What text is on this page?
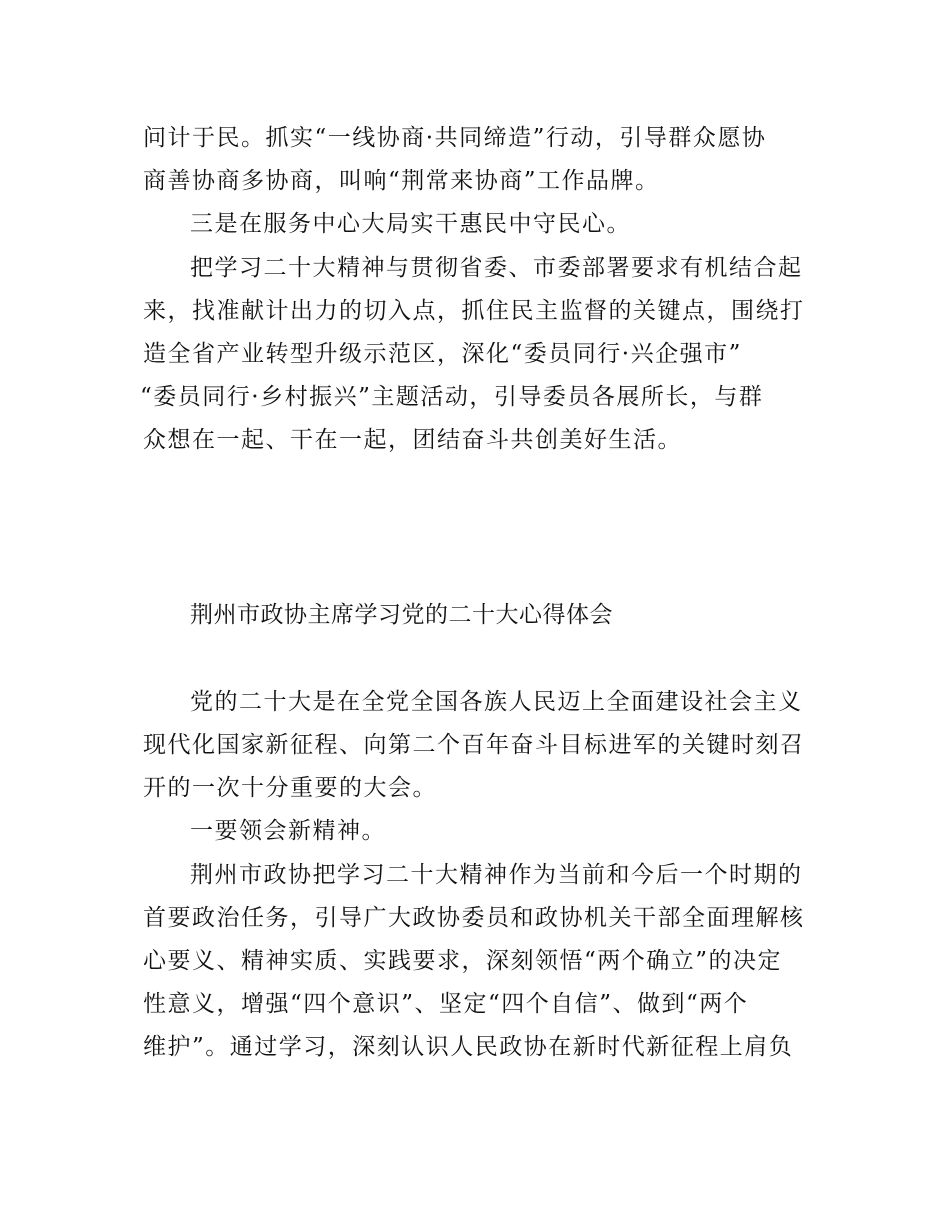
问计于民。抓实“一线协商·共同缔造”行动，引导群众愿协
商善协商多协商，叫响“荆常来协商”工作品牌。
三是在服务中心大局实干惠民中守民心。
把学习二十大精神与贯彻省委、市委部署要求有机结合起
来，找准献计出力的切入点，抓住民主监督的关键点，围绕打
造全省产业转型升级示范区，深化“委员同行·兴企强市”
“委员同行·乡村振兴”主题活动，引导委员各展所长，与群
众想在一起、干在一起，团结奋斗共创美好生活。
荆州市政协主席学习党的二十大心得体会
党的二十大是在全党全国各族人民迈上全面建设社会主义
现代化国家新征程、向第二个百年奋斗目标进军的关键时刻召
开的一次十分重要的大会。
一要领会新精神。
荆州市政协把学习二十大精神作为当前和今后一个时期的
首要政治任务，引导广大政协委员和政协机关干部全面理解核
心要义、精神实质、实践要求，深刻领悟“两个确立”的决定
性意义，增强“四个意识”、坚定“四个自信”、做到“两个
维护”。通过学习，深刻认识人民政协在新时代新征程上肩负
